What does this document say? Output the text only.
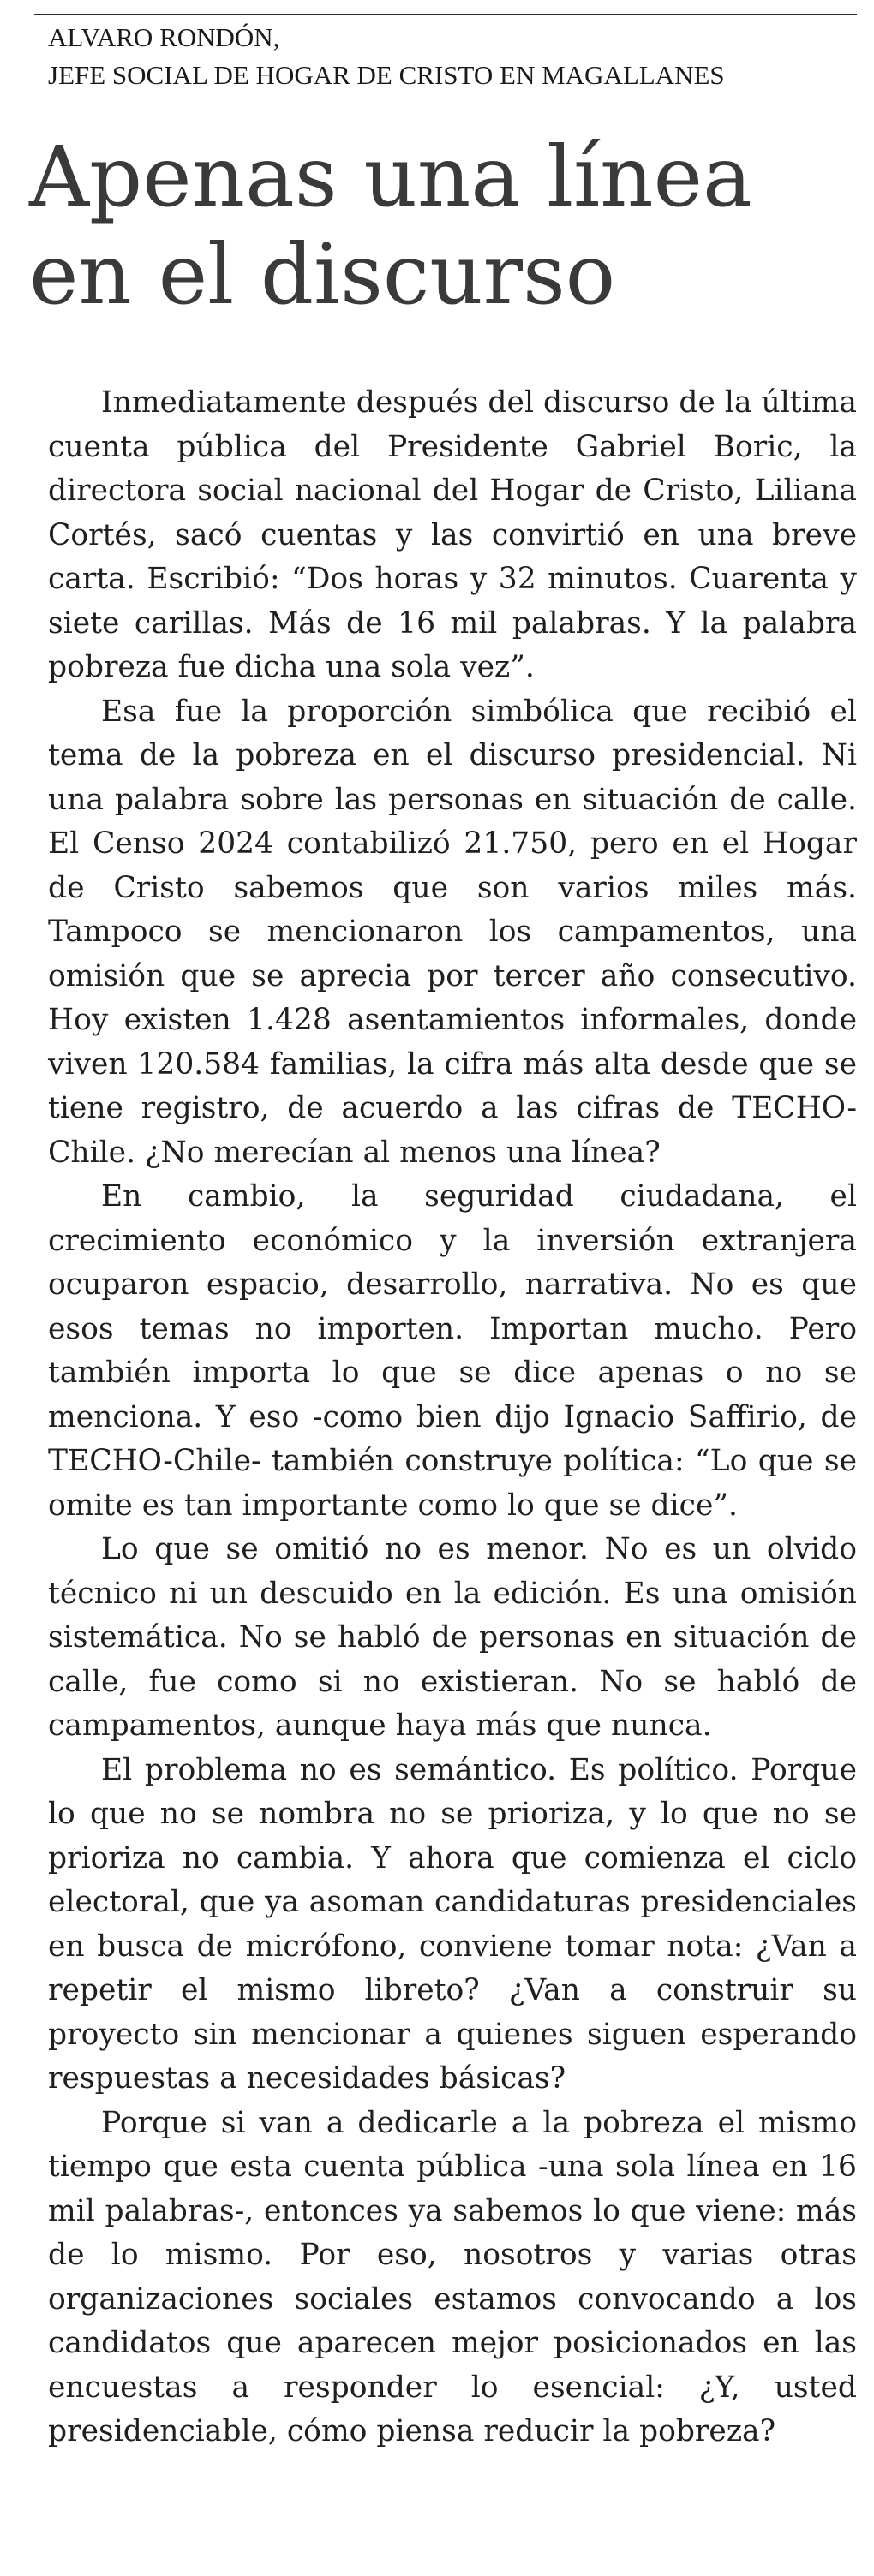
ALVARO RONDÓN,
JEFE SOCIAL DE HOGAR DE CRISTO EN MAGALLANES
Apenas una línea
en el discurso

Inmediatamente después del discurso de la última cuenta pública del Presidente Gabriel Boric, la directora social nacional del Hogar de Cristo, Liliana Cortés, sacó cuentas y las convirtió en una breve carta. Escribió: “Dos horas y 32 minutos. Cuarenta y siete carillas. Más de 16 mil palabras. Y la palabra pobreza fue dicha una sola vez”.

Esa fue la proporción simbólica que recibió el tema de la pobreza en el discurso presidencial. Ni una palabra sobre las personas en situación de calle. El Censo 2024 contabilizó 21.750, pero en el Hogar de Cristo sabemos que son varios miles más. Tampoco se mencionaron los campamentos, una omisión que se aprecia por tercer año consecutivo. Hoy existen 1.428 asentamientos informales, donde viven 120.584 familias, la cifra más alta desde que se tiene registro, de acuerdo a las cifras de TECHO-Chile. ¿No merecían al menos una línea?

En cambio, la seguridad ciudadana, el crecimiento económico y la inversión extranjera ocuparon espacio, desarrollo, narrativa. No es que esos temas no importen. Importan mucho. Pero también importa lo que se dice apenas o no se menciona. Y eso -como bien dijo Ignacio Saffirio, de TECHO-Chile- también construye política: “Lo que se omite es tan importante como lo que se dice”.

Lo que se omitió no es menor. No es un olvido técnico ni un descuido en la edición. Es una omisión sistemática. No se habló de personas en situación de calle, fue como si no existieran. No se habló de campamentos, aunque haya más que nunca.

El problema no es semántico. Es político. Porque lo que no se nombra no se prioriza, y lo que no se prioriza no cambia. Y ahora que comienza el ciclo electoral, que ya asoman candidaturas presidenciales en busca de micrófono, conviene tomar nota: ¿Van a repetir el mismo libreto? ¿Van a construir su proyecto sin mencionar a quienes siguen esperando respuestas a necesidades básicas?

Porque si van a dedicarle a la pobreza el mismo tiempo que esta cuenta pública -una sola línea en 16 mil palabras-, entonces ya sabemos lo que viene: más de lo mismo. Por eso, nosotros y varias otras organizaciones sociales estamos convocando a los candidatos que aparecen mejor posicionados en las encuestas a responder lo esencial: ¿Y, usted presidenciable, cómo piensa reducir la pobreza?
